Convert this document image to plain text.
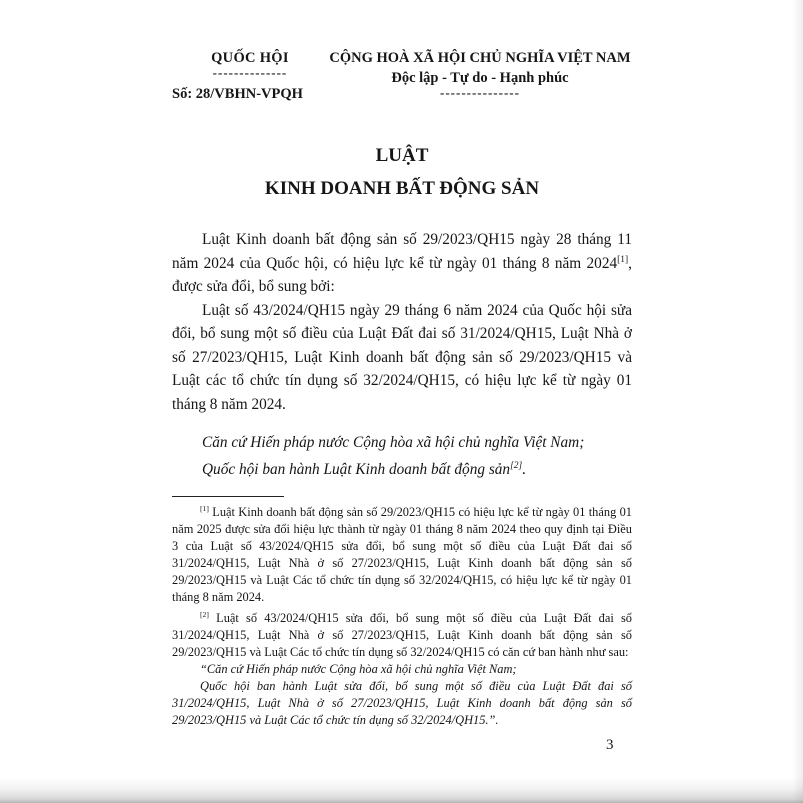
QUỐC HỘI
--------------
Số: 28/VBHN-VPQH
CỘNG HOÀ XÃ HỘI CHỦ NGHĨA VIỆT NAM
Độc lập - Tự do - Hạnh phúc
---------------
LUẬT
KINH DOANH BẤT ĐỘNG SẢN

Luật Kinh doanh bất động sản số 29/2023/QH15 ngày 28 tháng 11 năm 2024 của Quốc hội, có hiệu lực kể từ ngày 01 tháng 8 năm 2024[1], được sửa đổi, bổ sung bởi:

Luật số 43/2024/QH15 ngày 29 tháng 6 năm 2024 của Quốc hội sửa đổi, bổ sung một số điều của Luật Đất đai số 31/2024/QH15, Luật Nhà ở số 27/2023/QH15, Luật Kinh doanh bất động sản số 29/2023/QH15 và Luật các tổ chức tín dụng số 32/2024/QH15, có hiệu lực kể từ ngày 01 tháng 8 năm 2024.

Căn cứ Hiến pháp nước Cộng hòa xã hội chủ nghĩa Việt Nam;

Quốc hội ban hành Luật Kinh doanh bất động sản[2].

[1] Luật Kinh doanh bất động sản số 29/2023/QH15 có hiệu lực kể từ ngày 01 tháng 01 năm 2025 được sửa đổi hiệu lực thành từ ngày 01 tháng 8 năm 2024 theo quy định tại Điều 3 của Luật số 43/2024/QH15 sửa đổi, bổ sung một số điều của Luật Đất đai số 31/2024/QH15, Luật Nhà ở số 27/2023/QH15, Luật Kinh doanh bất động sản số 29/2023/QH15 và Luật Các tổ chức tín dụng số 32/2024/QH15, có hiệu lực kể từ ngày 01 tháng 8 năm 2024.

[2] Luật số 43/2024/QH15 sửa đổi, bổ sung một số điều của Luật Đất đai số 31/2024/QH15, Luật Nhà ở số 27/2023/QH15, Luật Kinh doanh bất động sản số 29/2023/QH15 và Luật Các tổ chức tín dụng số 32/2024/QH15 có căn cứ ban hành như sau:

“Căn cứ Hiến pháp nước Cộng hòa xã hội chủ nghĩa Việt Nam;

Quốc hội ban hành Luật sửa đổi, bổ sung một số điều của Luật Đất đai số 31/2024/QH15, Luật Nhà ở số 27/2023/QH15, Luật Kinh doanh bất động sản số 29/2023/QH15 và Luật Các tổ chức tín dụng số 32/2024/QH15.”.

3
